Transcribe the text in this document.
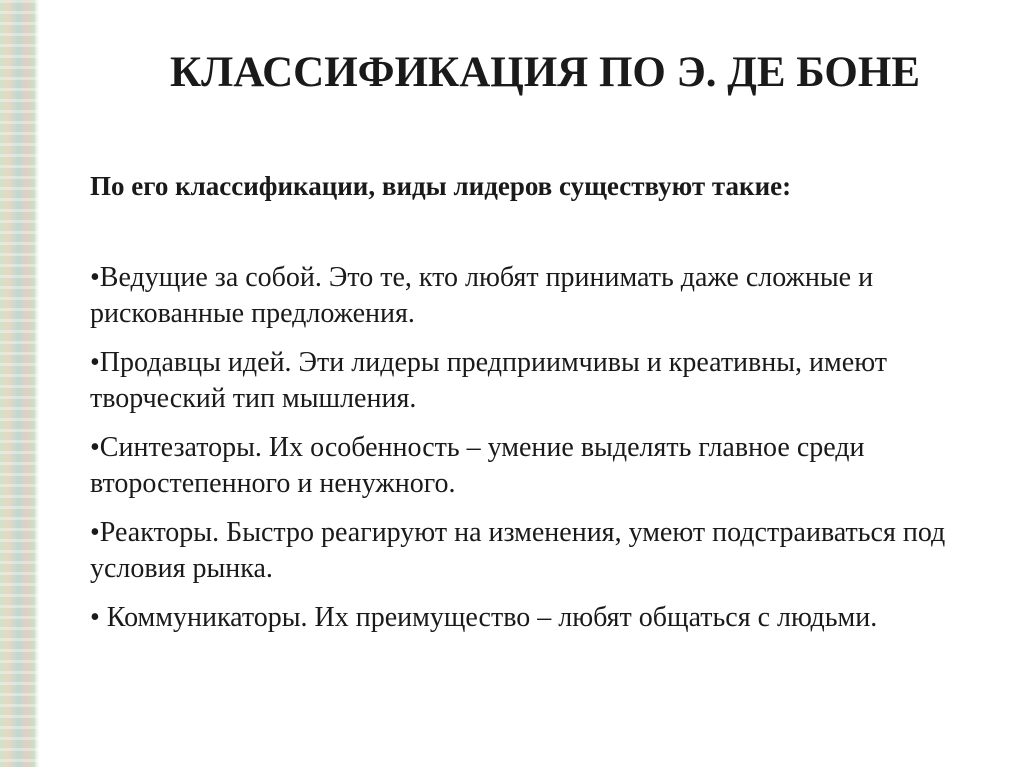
КЛАССИФИКАЦИЯ ПО Э. ДЕ БОНЕ

По его классификации, виды лидеров существуют такие:

•Ведущие за собой. Это те, кто любят принимать даже сложные и рискованные предложения.
•Продавцы идей. Эти лидеры предприимчивы и креативны, имеют творческий тип мышления.
•Синтезаторы. Их особенность – умение выделять главное среди второстепенного и ненужного.
•Реакторы. Быстро реагируют на изменения, умеют подстраиваться под условия рынка.
• Коммуникаторы. Их преимущество – любят общаться с людьми.
